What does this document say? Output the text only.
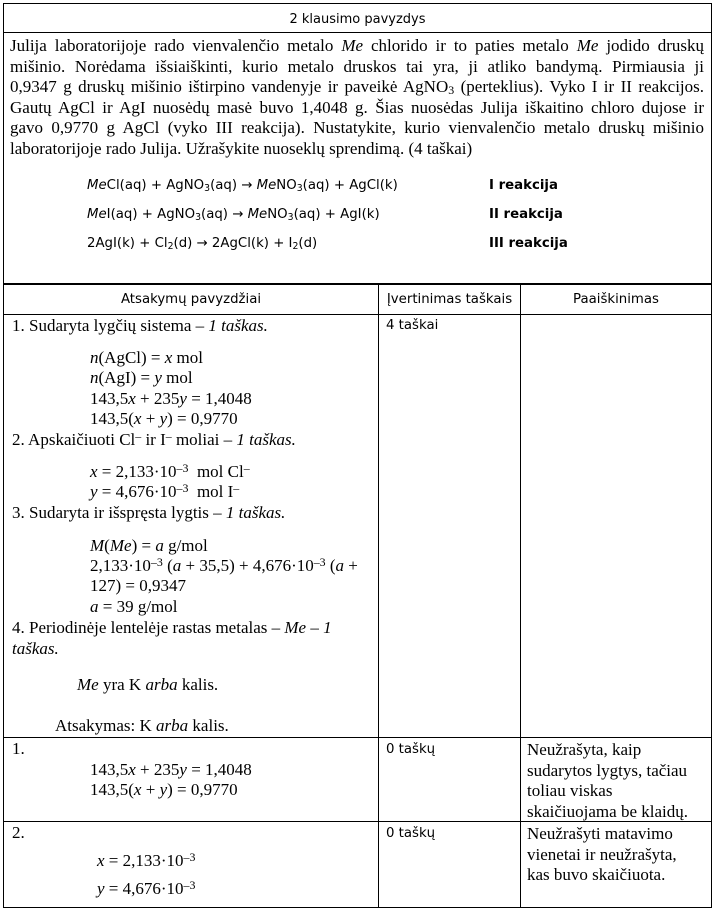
2 klausimo pavyzdys
Julija laboratorijoje rado vienvalenčio metalo Me chlorido ir to paties metalo Me jodido druskų
mišinio. Norėdama išsiaiškinti, kurio metalo druskos tai yra, ji atliko bandymą. Pirmiausia ji
0,9347 g druskų mišinio ištirpino vandenyje ir paveikė AgNO$_3$ (perteklius). Vyko I ir II reakcijos.
Gautų AgCl ir AgI nuosėdų masė buvo 1,4048 g. Šias nuosėdas Julija iškaitino chloro dujose ir
gavo 0,9770 g AgCl (vyko III reakcija). Nustatykite, kurio vienvalenčio metalo druskų mišinio
laboratorijoje rado Julija. Užrašykite nuoseklų sprendimą. (4 taškai)
MeCl(aq) + AgNO$_3$(aq) → MeNO$_3$(aq) + AgCl(k)	I reakcija
MeI(aq) + AgNO$_3$(aq) → MeNO$_3$(aq) + AgI(k)	II reakcija
$2AgI(k) + Cl_2(d)$ → 2AgCl(k) + $I_2(d)$	III reakcija
Atsakymų pavyzdžiai	Įvertinimas taškais	Paaiškinimas
4 taškai
1. Sudaryta lygčių sistema – 1 taškas.
n(AgCl) = x mol
n(AgI) = y mol
143,5x + 235y = 1,4048
143,5(x + y) = 0,9770
2. Apskaičiuoti Cl– ir I– moliai – 1 taškas.
$x = 2,133\cdot 10^{-3}$  mol Cl–
$y = 4,676\cdot 10^{-3}$  mol I–
3. Sudaryta ir išspręsta lygtis – 1 taškas.
M(Me) = a g/mol
$2,133\cdot 10^{-3}$ $(a + 35,5) + 4,676\cdot 10^{-3}$ (a +
127) = 0,9347
a = 39 g/mol
4. Periodinėje lentelėje rastas metalas – Me – 1
taškas.
Me yra K arba kalis.
Atsakymas: K arba kalis.
1.
143,5x + 235y = 1,4048
143,5(x + y) = 0,9770
0 taškų	Neužrašyta, kaip
sudarytos lygtys, tačiau
toliau viskas
skaičiuojama be klaidų.
2.
$x = 2,133\cdot 10^{-3}$
$y = 4,676\cdot 10^{-3}$
0 taškų	Neužrašyti matavimo
vienetai ir neužrašyta,
kas buvo skaičiuota.
